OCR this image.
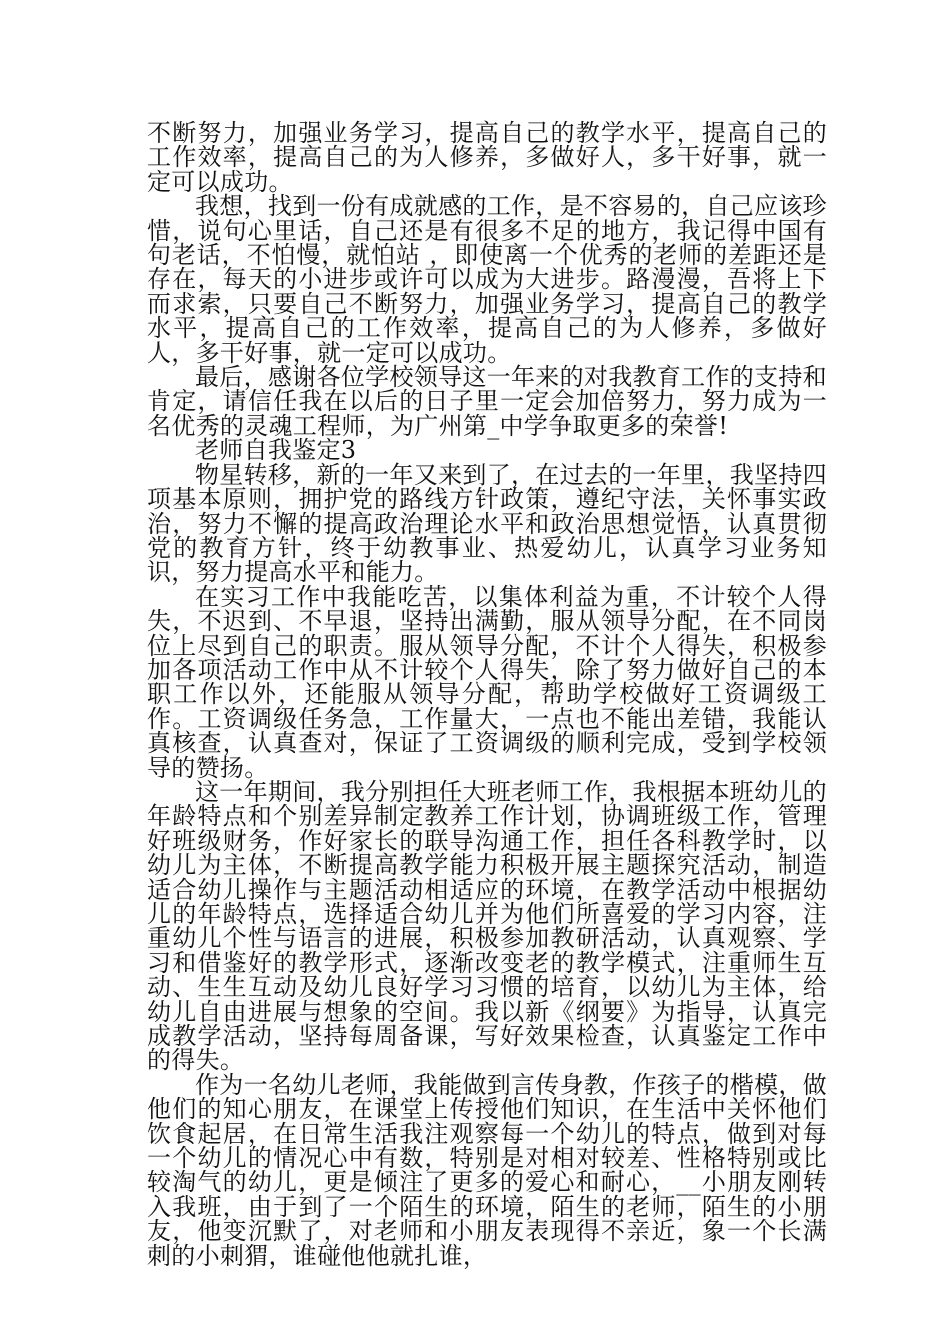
不断努力，加强业务学习，提高自己的教学水平，提高自己的工作效率，提高自己的为人修养，多做好人，多干好事，就一定可以成功。

我想，找到一份有成就感的工作，是不容易的，自己应该珍惜，说句心里话，自己还是有很多不足的地方，我记得中国有句老话，不怕慢，就怕站 ，即使离一个优秀的老师的差距还是存在，每天的小进步或许可以成为大进步。路漫漫，吾将上下而求索，只要自己不断努力，加强业务学习，提高自己的教学水平，提高自己的工作效率，提高自己的为人修养，多做好人，多干好事，就一定可以成功。

最后，感谢各位学校领导这一年来的对我教育工作的支持和肯定，请信任我在以后的日子里一定会加倍努力，努力成为一名优秀的灵魂工程师，为广州第_中学争取更多的荣誉!

老师自我鉴定3

物星转移，新的一年又来到了，在过去的一年里，我坚持四项基本原则，拥护党的路线方针政策，遵纪守法，关怀事实政治，努力不懈的提高政治理论水平和政治思想觉悟，认真贯彻党的教育方针，终于幼教事业、热爱幼儿，认真学习业务知识，努力提高水平和能力。

在实习工作中我能吃苦，以集体利益为重，不计较个人得失，不迟到、不早退，坚持出满勤，服从领导分配，在不同岗位上尽到自己的职责。服从领导分配，不计个人得失，积极参加各项活动工作中从不计较个人得失，除了努力做好自己的本职工作以外，还能服从领导分配，帮助学校做好工资调级工作。工资调级任务急，工作量大，一点也不能出差错，我能认真核查，认真查对，保证了工资调级的顺利完成，受到学校领导的赞扬。

这一年期间，我分别担任大班老师工作，我根据本班幼儿的年龄特点和个别差异制定教养工作计划，协调班级工作，管理好班级财务，作好家长的联导沟通工作，担任各科教学时，以幼儿为主体，不断提高教学能力积极开展主题探究活动，制造适合幼儿操作与主题活动相适应的环境，在教学活动中根据幼儿的年龄特点，选择适合幼儿并为他们所喜爱的学习内容，注重幼儿个性与语言的进展，积极参加教研活动，认真观察、学习和借鉴好的教学形式，逐渐改变老的教学模式，注重师生互动、生生互动及幼儿良好学习习惯的培育，以幼儿为主体，给幼儿自由进展与想象的空间。我以新《纲要》为指导，认真完成教学活动，坚持每周备课，写好效果检查，认真鉴定工作中的得失。

作为一名幼儿老师，我能做到言传身教，作孩子的楷模，做他们的知心朋友，在课堂上传授他们知识，在生活中关怀他们饮食起居，在日常生活我注观察每一个幼儿的特点，做到对每一个幼儿的情况心中有数，特别是对相对较差、性格特别或比较淘气的幼儿，更是倾注了更多的爱心和耐心，__小朋友刚转入我班，由于到了一个陌生的环境，陌生的老师，陌生的小朋友，他变沉默了，对老师和小朋友表现得不亲近，象一个长满刺的小刺猬，谁碰他他就扎谁，
